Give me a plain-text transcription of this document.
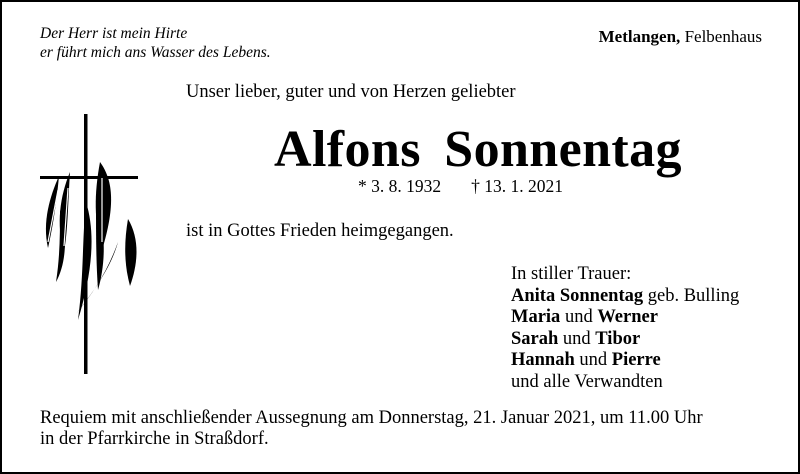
Der Herr ist mein Hirte
er führt mich ans Wasser des Lebens.
Metlangen, Felbenhaus
Unser lieber, guter und von Herzen geliebter
Alfons Sonnentag
* 3. 8. 1932 † 13. 1. 2021
ist in Gottes Frieden heimgegangen.
In stiller Trauer:
Anita Sonnentag geb. Bulling
Maria und Werner
Sarah und Tibor
Hannah und Pierre
und alle Verwandten
Requiem mit anschließender Aussegnung am Donnerstag, 21. Januar 2021, um 11.00 Uhr
in der Pfarrkirche in Straßdorf.
